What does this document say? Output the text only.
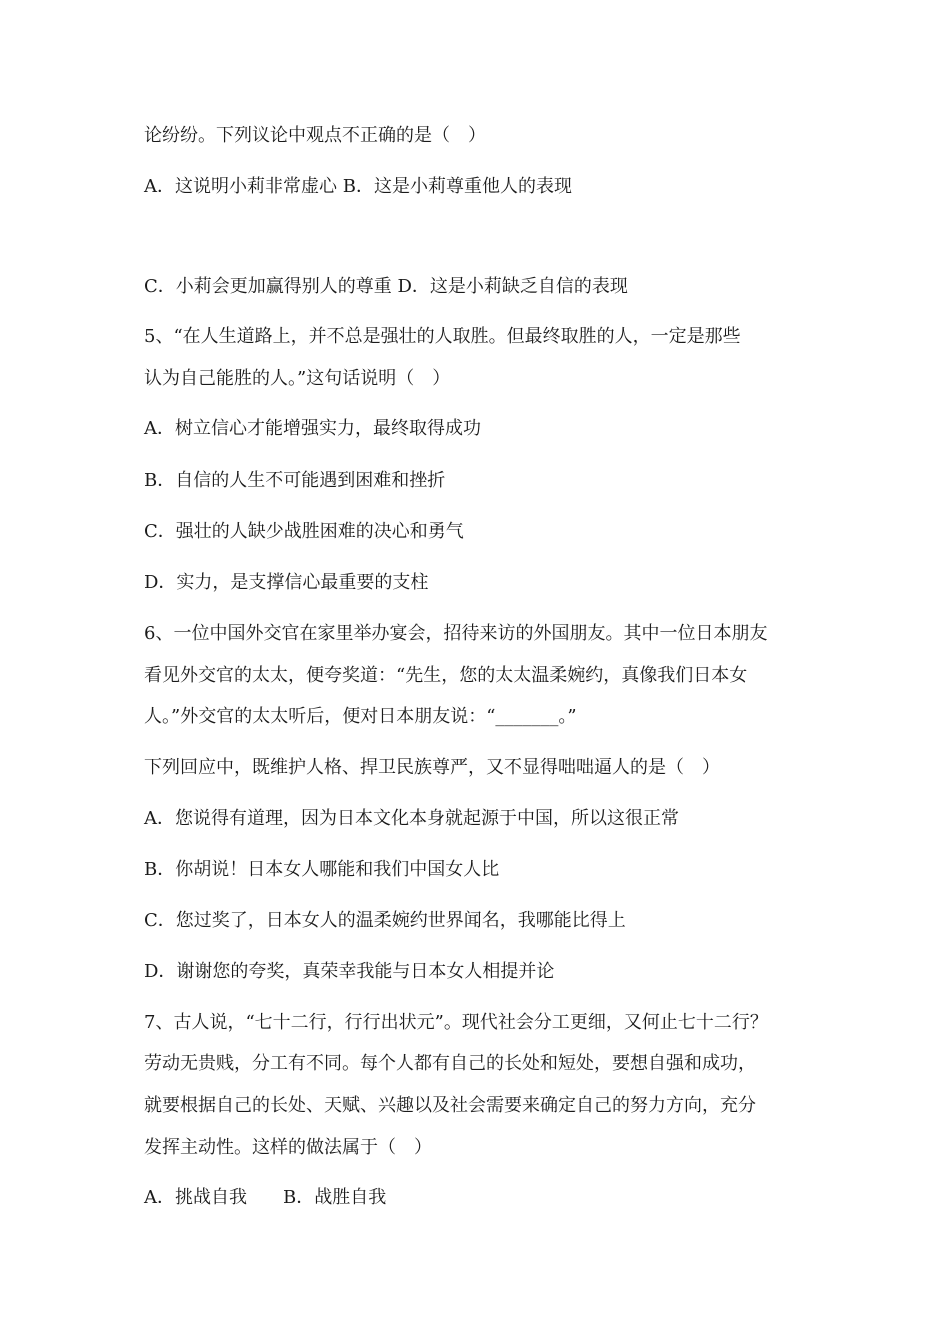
论纷纷。下列议论中观点不正确的是（　）
A．这说明小莉非常虚心 B．这是小莉尊重他人的表现
C．小莉会更加赢得别人的尊重 D．这是小莉缺乏自信的表现
5、“在人生道路上，并不总是强壮的人取胜。但最终取胜的人，一定是那些
认为自己能胜的人。”这句话说明（　）
A．树立信心才能增强实力，最终取得成功
B．自信的人生不可能遇到困难和挫折
C．强壮的人缺少战胜困难的决心和勇气
D．实力，是支撑信心最重要的支柱
6、一位中国外交官在家里举办宴会，招待来访的外国朋友。其中一位日本朋友
看见外交官的太太，便夸奖道：“先生，您的太太温柔婉约，真像我们日本女
人。”外交官的太太听后，便对日本朋友说：“_______。”
下列回应中，既维护人格、捍卫民族尊严，又不显得咄咄逼人的是（　）
A．您说得有道理，因为日本文化本身就起源于中国，所以这很正常
B．你胡说！日本女人哪能和我们中国女人比
C．您过奖了，日本女人的温柔婉约世界闻名，我哪能比得上
D．谢谢您的夸奖，真荣幸我能与日本女人相提并论
7、古人说，“七十二行，行行出状元”。现代社会分工更细，又何止七十二行？
劳动无贵贱，分工有不同。每个人都有自己的长处和短处，要想自强和成功，
就要根据自己的长处、天赋、兴趣以及社会需要来确定自己的努力方向，充分
发挥主动性。这样的做法属于（　）
A．挑战自我　　B．战胜自我
